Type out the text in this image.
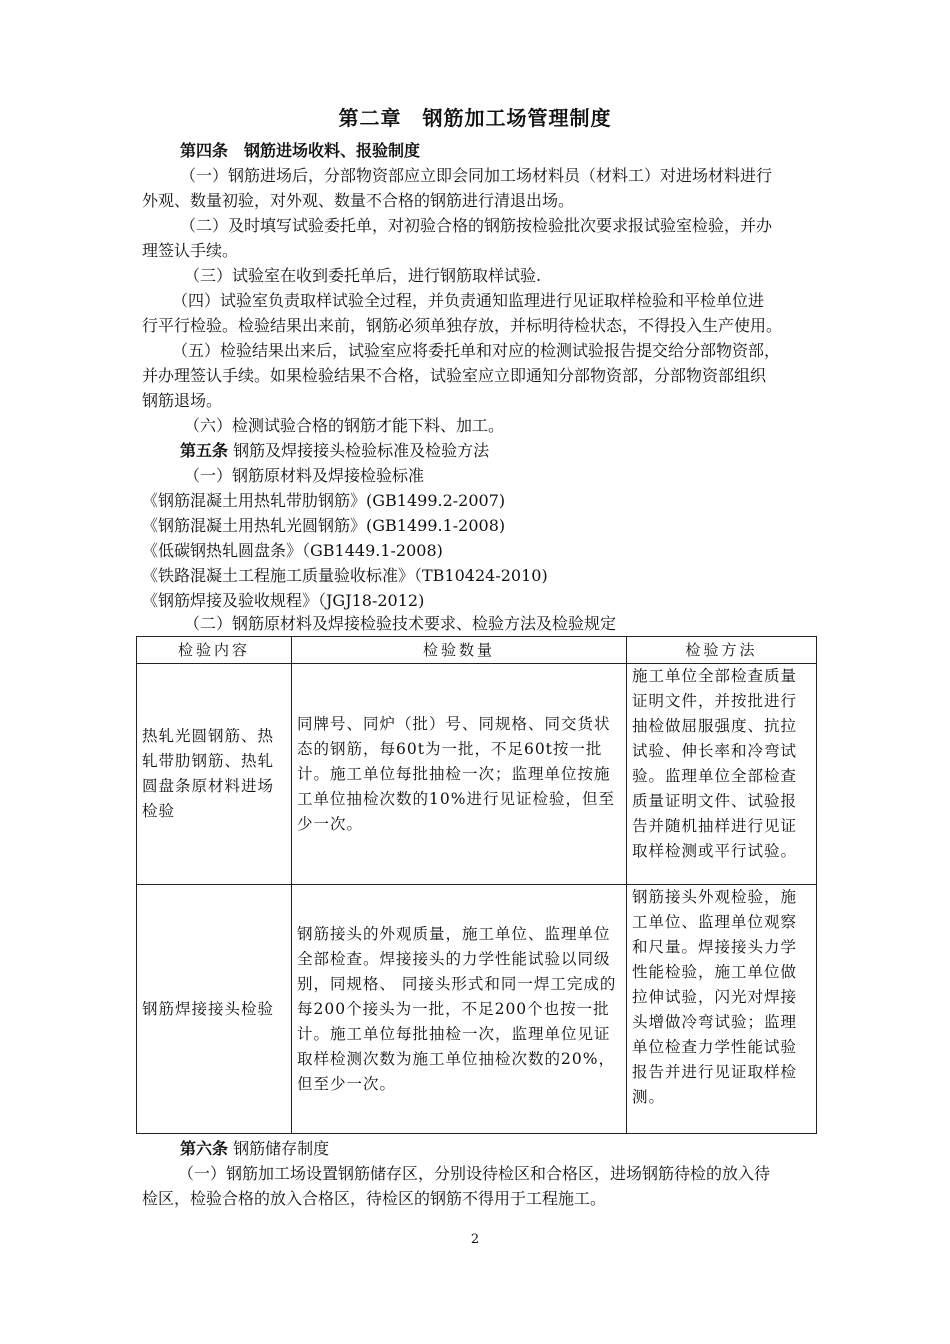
第二章　钢筋加工场管理制度
第四条　钢筋进场收料、报验制度
（一）钢筋进场后，分部物资部应立即会同加工场材料员（材料工）对进场材料进行
外观、数量初验，对外观、数量不合格的钢筋进行清退出场。
（二）及时填写试验委托单，对初验合格的钢筋按检验批次要求报试验室检验，并办
理签认手续。
（三）试验室在收到委托单后，进行钢筋取样试验.
（四）试验室负责取样试验全过程，并负责通知监理进行见证取样检验和平检单位进
行平行检验。检验结果出来前，钢筋必须单独存放，并标明待检状态，不得投入生产使用。
（五）检验结果出来后，试验室应将委托单和对应的检测试验报告提交给分部物资部，
并办理签认手续。如果检验结果不合格，试验室应立即通知分部物资部，分部物资部组织
钢筋退场。
（六）检测试验合格的钢筋才能下料、加工。
第五条 钢筋及焊接接头检验标准及检验方法
（一）钢筋原材料及焊接检验标准
《钢筋混凝土用热轧带肋钢筋》(GB1499.2-2007)
《钢筋混凝土用热轧光圆钢筋》(GB1499.1-2008)
《低碳钢热轧圆盘条》（GB1449.1-2008)
《铁路混凝土工程施工质量验收标准》（TB10424-2010)
《钢筋焊接及验收规程》（JGJ18-2012)
（二）钢筋原材料及焊接检验技术要求、检验方法及检验规定
检验内容	检验数量	检验方法
热轧光圆钢筋、热轧带肋钢筋、热轧圆盘条原材料进场检验	同牌号、同炉（批）号、同规格、同交货状态的钢筋，每60t为一批，不足60t按一批计。施工单位每批抽检一次；监理单位按施工单位抽检次数的10%进行见证检验，但至少一次。	施工单位全部检查质量证明文件，并按批进行抽检做屈服强度、抗拉试验、伸长率和冷弯试验。监理单位全部检查质量证明文件、试验报告并随机抽样进行见证取样检测或平行试验。
钢筋焊接接头检验	钢筋接头的外观质量，施工单位、监理单位全部检查。焊接接头的力学性能试验以同级别，同规格、 同接头形式和同一焊工完成的每200个接头为一批，不足200个也按一批计。施工单位每批抽检一次，监理单位见证取样检测次数为施工单位抽检次数的20%，但至少一次。	钢筋接头外观检验，施工单位、监理单位观察和尺量。焊接接头力学性能检验，施工单位做拉伸试验，闪光对焊接头增做冷弯试验；监理单位检查力学性能试验报告并进行见证取样检测。
第六条 钢筋储存制度
（一）钢筋加工场设置钢筋储存区，分别设待检区和合格区，进场钢筋待检的放入待
检区，检验合格的放入合格区，待检区的钢筋不得用于工程施工。
2
